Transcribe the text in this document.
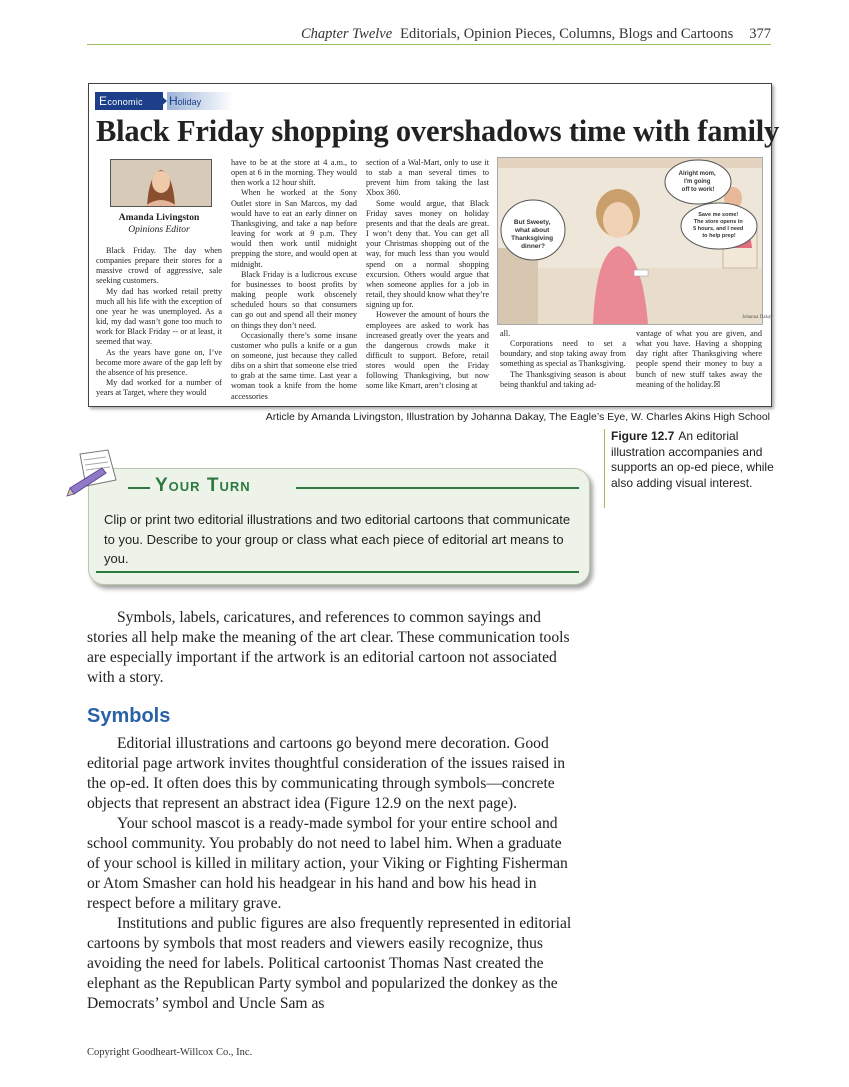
Chapter Twelve Editorials, Opinion Pieces, Columns, Blogs and Cartoons 377
Economic	Holiday
Black Friday shopping overshadows time with family
Amanda Livingston
Opinions Editor

Black Friday. The day when companies prepare their stores for a massive crowd of aggressive, sale seeking customers.

My dad has worked retail pretty much all his life with the exception of one year he was unemployed. As a kid, my dad wasn’t gone too much to work for Black Friday -- or at least, it seemed that way.

As the years have gone on, I’ve become more aware of the gap left by the absence of his presence.

My dad worked for a number of years at Target, where they would

have to be at the store at 4 a.m., to open at 6 in the morning. They would then work a 12 hour shift.

When he worked at the Sony Outlet store in San Marcos, my dad would have to eat an early dinner on Thanksgiving, and take a nap before leaving for work at 9 p.m. They would then work until midnight prepping the store, and would open at midnight.

Black Friday is a ludicrous excuse for businesses to boost profits by making people work obscenely scheduled hours so that consumers can go out and spend all their money on things they don’t need.

Occasionally there’s some insane customer who pulls a knife or a gun on someone, just because they called dibs on a shirt that someone else tried to grab at the same time. Last year a woman took a knife from the home accessories

section of a Wal-Mart, only to use it to stab a man several times to prevent him from taking the last Xbox 360.

Some would argue, that Black Friday saves money on holiday presents and that the deals are great. I won’t deny that. You can get all your Christmas shopping out of the way, for much less than you would spend on a normal shopping excursion. Others would argue that when someone applies for a job in retail, they should know what they’re signing up for.

However the amount of hours the employees are asked to work has increased greatly over the years and the dangerous crowds make it difficult to support. Before, retail stores would open the Friday following Thanksgiving, but now some like Kmart, aren’t closing at

But Sweety, what about Thanksgiving dinner?
Alright mom, I'm going off to work!
Save me some! The store opens in 5 hours, and I need to help prep!
Johanna Dakay

all.

Corporations need to set a boundary, and stop taking away from something as special as Thanksgiving.

The Thanksgiving season is about being thankful and taking ad-

vantage of what you are given, and what you have. Having a shopping day right after Thanksgiving where people spend their money to buy a bunch of new stuff takes away the meaning of the holiday.☒

Article by Amanda Livingston, Illustration by Johanna Dakay, The Eagle’s Eye, W. Charles Akins High School
Figure 12.7 An editorial illustration accompanies and supports an op-ed piece, while also adding visual interest.
Your Turn
Clip or print two editorial illustrations and two editorial cartoons that communicate to you. Describe to your group or class what each piece of editorial art means to you.

Symbols, labels, caricatures, and references to common sayings and stories all help make the meaning of the art clear. These communication tools are especially important if the artwork is an editorial cartoon not associated with a story.

Symbols

Editorial illustrations and cartoons go beyond mere decoration. Good editorial page artwork invites thoughtful consideration of the issues raised in the op-ed. It often does this by communicating through symbols—concrete objects that represent an abstract idea (Figure 12.9 on the next page).

Your school mascot is a ready-made symbol for your entire school and school community. You probably do not need to label him. When a graduate of your school is killed in military action, your Viking or Fighting Fisherman or Atom Smasher can hold his headgear in his hand and bow his head in respect before a military grave.

Institutions and public figures are also frequently represented in editorial cartoons by symbols that most readers and viewers easily recognize, thus avoiding the need for labels. Political cartoonist Thomas Nast created the elephant as the Republican Party symbol and popularized the donkey as the Democrats’ symbol and Uncle Sam as

Copyright Goodheart-Willcox Co., Inc.
